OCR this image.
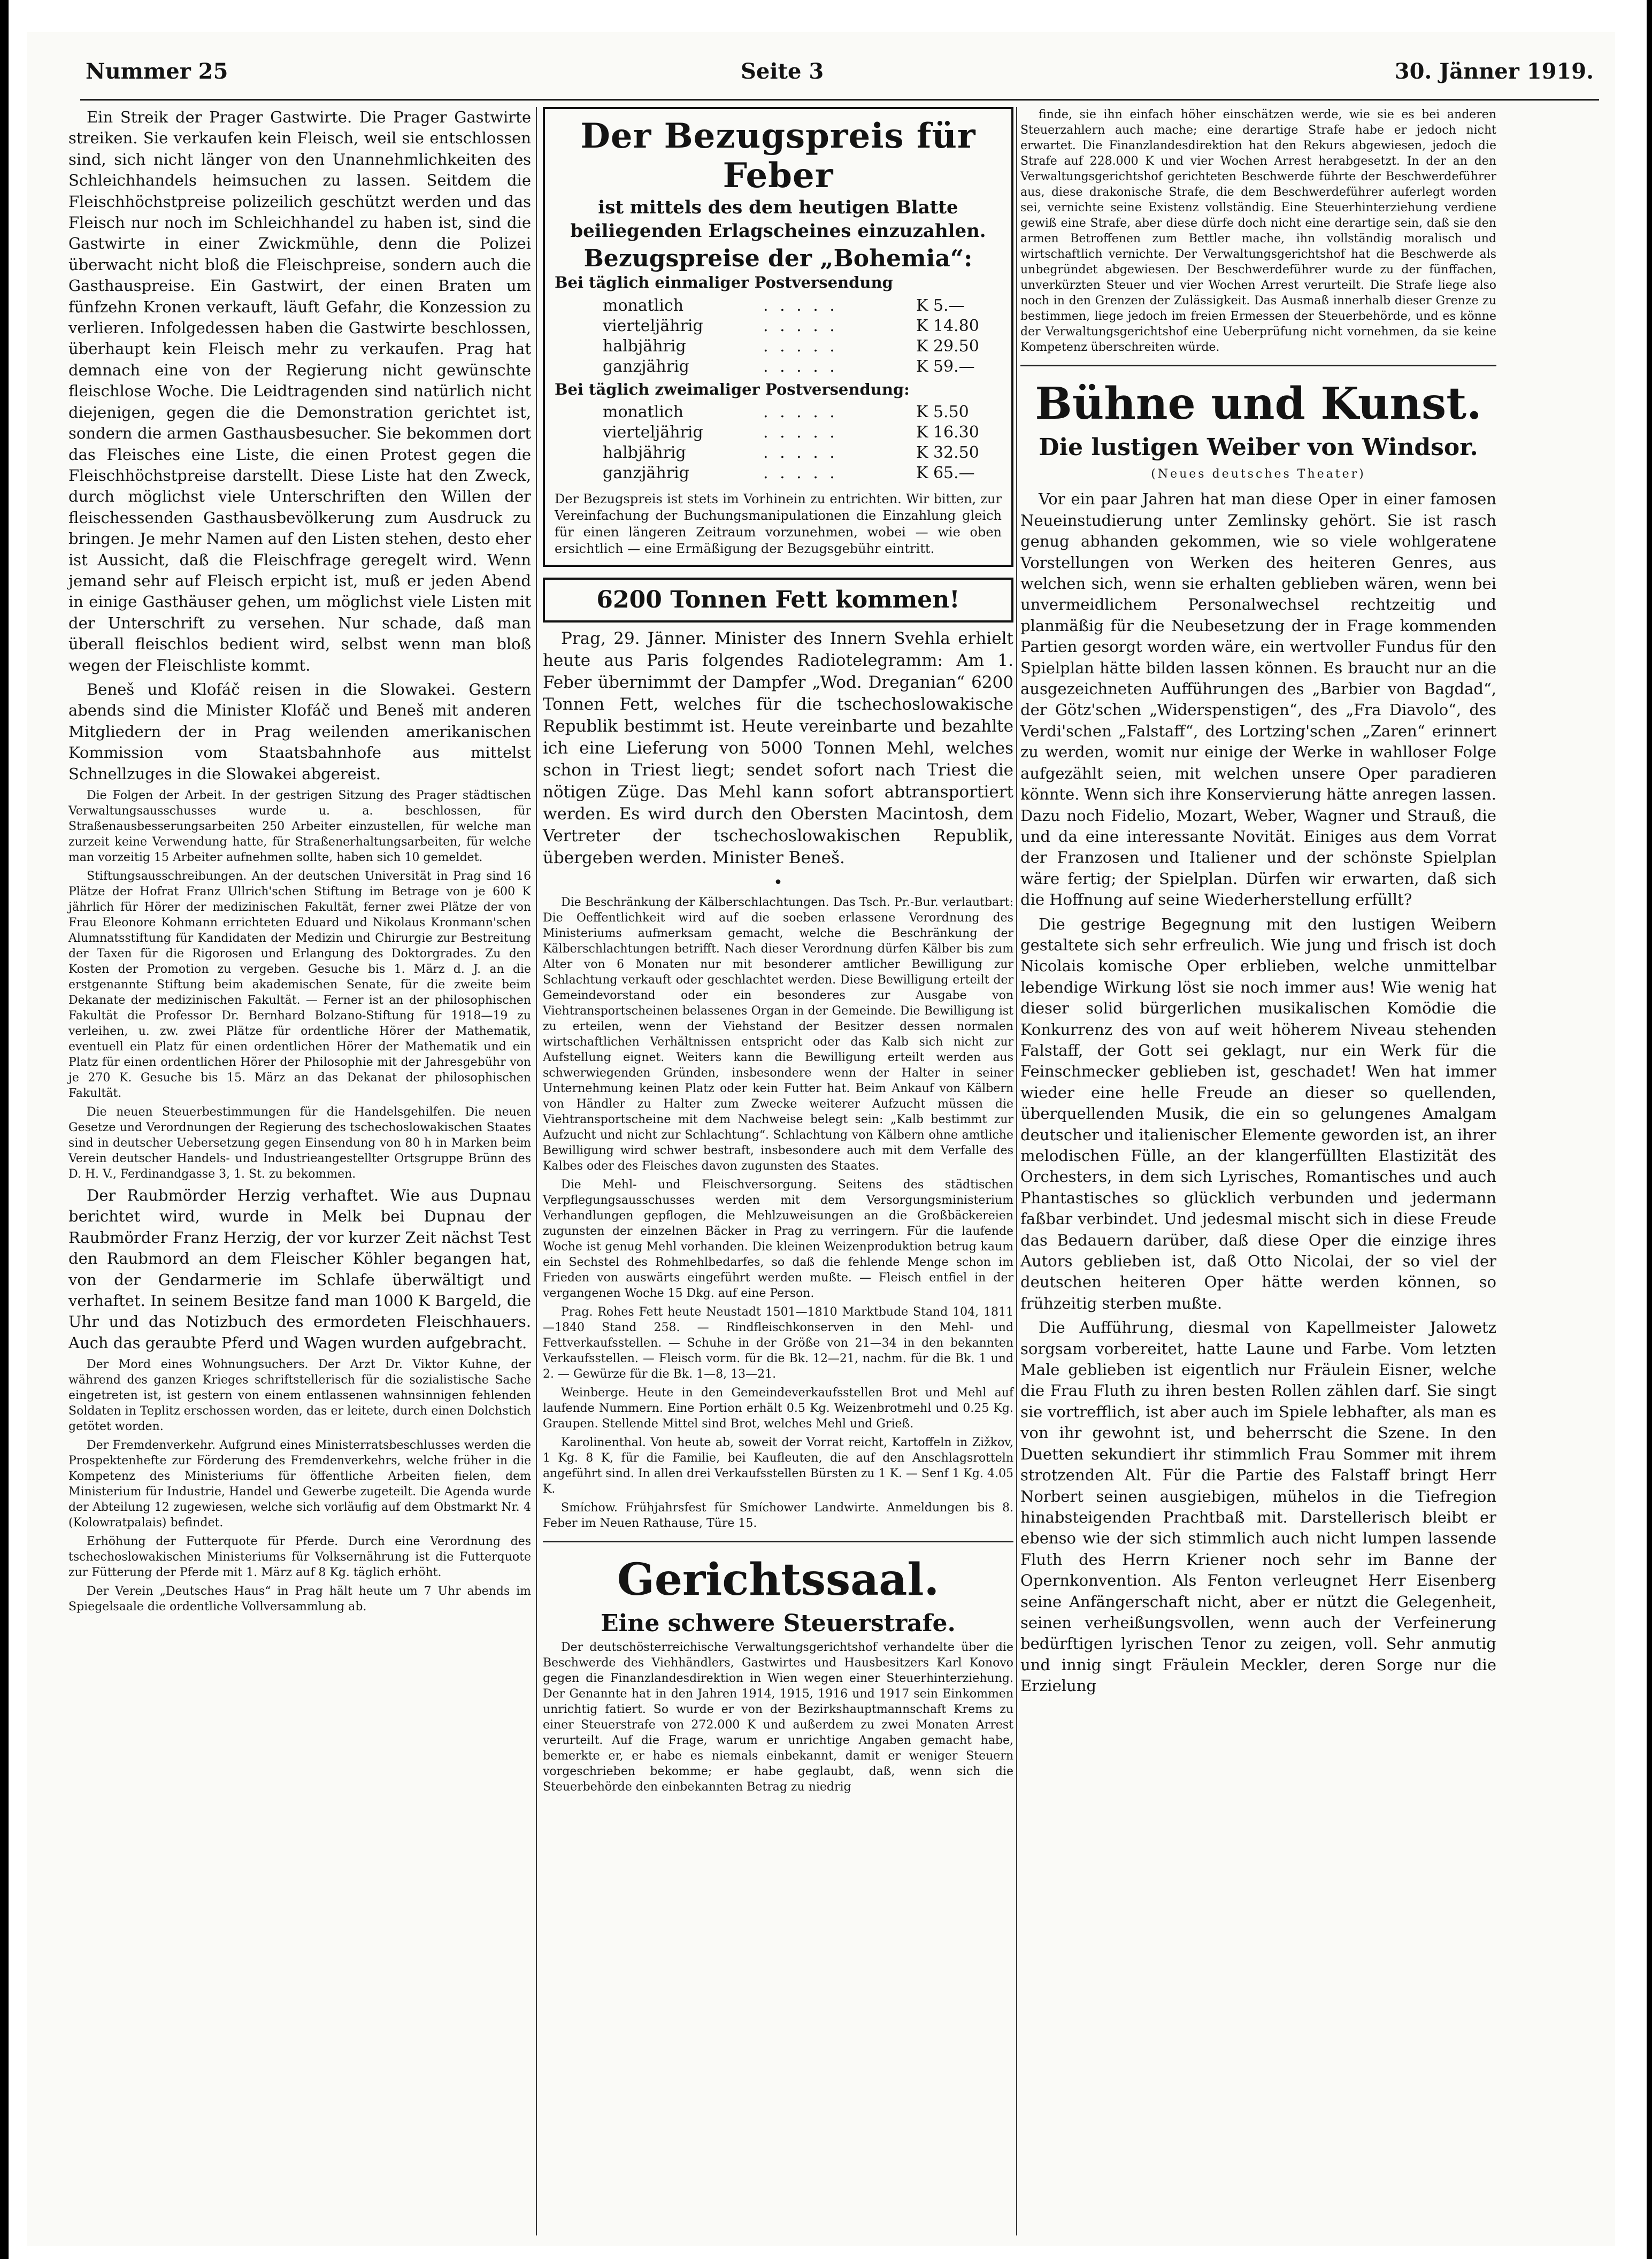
Nummer 25	Seite 3	30. Jänner 1919.

Ein Streik der Prager Gastwirte. Die Prager Gastwirte streiken. Sie verkaufen kein Fleisch, weil sie entschlossen sind, sich nicht länger von den Unannehmlichkeiten des Schleichhandels heimsuchen zu lassen. Seitdem die Fleischhöchstpreise polizeilich geschützt werden und das Fleisch nur noch im Schleichhandel zu haben ist, sind die Gastwirte in einer Zwickmühle, denn die Polizei überwacht nicht bloß die Fleischpreise, sondern auch die Gasthauspreise. Ein Gastwirt, der einen Braten um fünfzehn Kronen verkauft, läuft Gefahr, die Konzession zu verlieren. Infolgedessen haben die Gastwirte beschlossen, überhaupt kein Fleisch mehr zu verkaufen. Prag hat demnach eine von der Regierung nicht gewünschte fleischlose Woche. Die Leidtragenden sind natürlich nicht diejenigen, gegen die die Demonstration gerichtet ist, sondern die armen Gasthausbesucher. Sie bekommen dort das Fleisches eine Liste, die einen Protest gegen die Fleischhöchstpreise darstellt. Diese Liste hat den Zweck, durch möglichst viele Unterschriften den Willen der fleischessenden Gasthausbevölkerung zum Ausdruck zu bringen. Je mehr Namen auf den Listen stehen, desto eher ist Aussicht, daß die Fleischfrage geregelt wird. Wenn jemand sehr auf Fleisch erpicht ist, muß er jeden Abend in einige Gasthäuser gehen, um möglichst viele Listen mit der Unterschrift zu versehen. Nur schade, daß man überall fleischlos bedient wird, selbst wenn man bloß wegen der Fleischliste kommt.

Beneš und Klofáč reisen in die Slowakei. Gestern abends sind die Minister Klofáč und Beneš mit anderen Mitgliedern der in Prag weilenden amerikanischen Kommission vom Staatsbahnhofe aus mittelst Schnellzuges in die Slowakei abgereist.

Die Folgen der Arbeit. In der gestrigen Sitzung des Prager städtischen Verwaltungsausschusses wurde u. a. beschlossen, für Straßenausbesserungsarbeiten 250 Arbeiter einzustellen, für welche man zurzeit keine Verwendung hatte, für Straßenerhaltungsarbeiten, für welche man vorzeitig 15 Arbeiter aufnehmen sollte, haben sich 10 gemeldet.

Stiftungsausschreibungen. An der deutschen Universität in Prag sind 16 Plätze der Hofrat Franz Ullrich'schen Stiftung im Betrage von je 600 K jährlich für Hörer der medizinischen Fakultät, ferner zwei Plätze der von Frau Eleonore Kohmann errichteten Eduard und Nikolaus Kronmann'schen Alumnatsstiftung für Kandidaten der Medizin und Chirurgie zur Bestreitung der Taxen für die Rigorosen und Erlangung des Doktorgrades. Zu den Kosten der Promotion zu vergeben. Gesuche bis 1. März d. J. an die erstgenannte Stiftung beim akademischen Senate, für die zweite beim Dekanate der medizinischen Fakultät. — Ferner ist an der philosophischen Fakultät die Professor Dr. Bernhard Bolzano-Stiftung für 1918—19 zu verleihen, u. zw. zwei Plätze für ordentliche Hörer der Mathematik, eventuell ein Platz für einen ordentlichen Hörer der Mathematik und ein Platz für einen ordentlichen Hörer der Philosophie mit der Jahresgebühr von je 270 K. Gesuche bis 15. März an das Dekanat der philosophischen Fakultät.

Die neuen Steuerbestimmungen für die Handelsgehilfen. Die neuen Gesetze und Verordnungen der Regierung des tschechoslowakischen Staates sind in deutscher Uebersetzung gegen Einsendung von 80 h in Marken beim Verein deutscher Handels- und Industrieangestellter Ortsgruppe Brünn des D. H. V., Ferdinandgasse 3, 1. St. zu bekommen.

Der Raubmörder Herzig verhaftet. Wie aus Dupnau berichtet wird, wurde in Melk bei Dupnau der Raubmörder Franz Herzig, der vor kurzer Zeit nächst Test den Raubmord an dem Fleischer Köhler begangen hat, von der Gendarmerie im Schlafe überwältigt und verhaftet. In seinem Besitze fand man 1000 K Bargeld, die Uhr und das Notizbuch des ermordeten Fleischhauers. Auch das geraubte Pferd und Wagen wurden aufgebracht.

Der Mord eines Wohnungsuchers. Der Arzt Dr. Viktor Kuhne, der während des ganzen Krieges schriftstellerisch für die sozialistische Sache eingetreten ist, ist gestern von einem entlassenen wahnsinnigen fehlenden Soldaten in Teplitz erschossen worden, das er leitete, durch einen Dolchstich getötet worden.

Der Fremdenverkehr. Aufgrund eines Ministerratsbeschlusses werden die Prospektenhefte zur Förderung des Fremdenverkehrs, welche früher in die Kompetenz des Ministeriums für öffentliche Arbeiten fielen, dem Ministerium für Industrie, Handel und Gewerbe zugeteilt. Die Agenda wurde der Abteilung 12 zugewiesen, welche sich vorläufig auf dem Obstmarkt Nr. 4 (Kolowratpalais) befindet.

Erhöhung der Futterquote für Pferde. Durch eine Verordnung des tschechoslowakischen Ministeriums für Volksernährung ist die Futterquote zur Fütterung der Pferde mit 1. März auf 8 Kg. täglich erhöht.

Der Verein „Deutsches Haus“ in Prag hält heute um 7 Uhr abends im Spiegelsaale die ordentliche Vollversammlung ab.

Der Bezugspreis für Feber
ist mittels des dem heutigen Blatte beiliegenden Erlagscheines einzuzahlen.
Bezugspreise der „Bohemia“:
Bei täglich einmaliger Postversendung
monatlich	. . . . .	K 5.—
vierteljährig	. . . . .	K 14.80
halbjährig	. . . . .	K 29.50
ganzjährig	. . . . .	K 59.—
Bei täglich zweimaliger Postversendung:
monatlich	. . . . .	K 5.50
vierteljährig	. . . . .	K 16.30
halbjährig	. . . . .	K 32.50
ganzjährig	. . . . .	K 65.—
Der Bezugspreis ist stets im Vorhinein zu entrichten. Wir bitten, zur Vereinfachung der Buchungsmanipulationen die Einzahlung gleich für einen längeren Zeitraum vorzunehmen, wobei — wie oben ersichtlich — eine Ermäßigung der Bezugsgebühr eintritt.
6200 Tonnen Fett kommen!

Prag, 29. Jänner. Minister des Innern Svehla erhielt heute aus Paris folgendes Radiotelegramm: Am 1. Feber übernimmt der Dampfer „Wod. Dreganian“ 6200 Tonnen Fett, welches für die tschechoslowakische Republik bestimmt ist. Heute vereinbarte und bezahlte ich eine Lieferung von 5000 Tonnen Mehl, welches schon in Triest liegt; sendet sofort nach Triest die nötigen Züge. Das Mehl kann sofort abtransportiert werden. Es wird durch den Obersten Macintosh, dem Vertreter der tschechoslowakischen Republik, übergeben werden. Minister Beneš.

•

Die Beschränkung der Kälberschlachtungen. Das Tsch. Pr.-Bur. verlautbart: Die Oeffentlichkeit wird auf die soeben erlassene Verordnung des Ministeriums aufmerksam gemacht, welche die Beschränkung der Kälberschlachtungen betrifft. Nach dieser Verordnung dürfen Kälber bis zum Alter von 6 Monaten nur mit besonderer amtlicher Bewilligung zur Schlachtung verkauft oder geschlachtet werden. Diese Bewilligung erteilt der Gemeindevorstand oder ein besonderes zur Ausgabe von Viehtransportscheinen belassenes Organ in der Gemeinde. Die Bewilligung ist zu erteilen, wenn der Viehstand der Besitzer dessen normalen wirtschaftlichen Verhältnissen entspricht oder das Kalb sich nicht zur Aufstellung eignet. Weiters kann die Bewilligung erteilt werden aus schwerwiegenden Gründen, insbesondere wenn der Halter in seiner Unternehmung keinen Platz oder kein Futter hat. Beim Ankauf von Kälbern von Händler zu Halter zum Zwecke weiterer Aufzucht müssen die Viehtransportscheine mit dem Nachweise belegt sein: „Kalb bestimmt zur Aufzucht und nicht zur Schlachtung“. Schlachtung von Kälbern ohne amtliche Bewilligung wird schwer bestraft, insbesondere auch mit dem Verfalle des Kalbes oder des Fleisches davon zugunsten des Staates.

Die Mehl- und Fleischversorgung. Seitens des städtischen Verpflegungsausschusses werden mit dem Versorgungsministerium Verhandlungen gepflogen, die Mehlzuweisungen an die Großbäckereien zugunsten der einzelnen Bäcker in Prag zu verringern. Für die laufende Woche ist genug Mehl vorhanden. Die kleinen Weizenproduktion betrug kaum ein Sechstel des Rohmehlbedarfes, so daß die fehlende Menge schon im Frieden von auswärts eingeführt werden mußte. — Fleisch entfiel in der vergangenen Woche 15 Dkg. auf eine Person.

Prag. Rohes Fett heute Neustadt 1501—1810 Marktbude Stand 104, 1811—1840 Stand 258. — Rindfleischkonserven in den Mehl- und Fettverkaufsstellen. — Schuhe in der Größe von 21—34 in den bekannten Verkaufsstellen. — Fleisch vorm. für die Bk. 12—21, nachm. für die Bk. 1 und 2. — Gewürze für die Bk. 1—8, 13—21.

Weinberge. Heute in den Gemeindeverkaufsstellen Brot und Mehl auf laufende Nummern. Eine Portion erhält 0.5 Kg. Weizenbrotmehl und 0.25 Kg. Graupen. Stellende Mittel sind Brot, welches Mehl und Grieß.

Karolinenthal. Von heute ab, soweit der Vorrat reicht, Kartoffeln in Zižkov, 1 Kg. 8 K, für die Familie, bei Kaufleuten, die auf den Anschlagsrotteln angeführt sind. In allen drei Verkaufsstellen Bürsten zu 1 K. — Senf 1 Kg. 4.05 K.

Smíchow. Frühjahrsfest für Smíchower Landwirte. Anmeldungen bis 8. Feber im Neuen Rathause, Türe 15.

Gerichtssaal.
Eine schwere Steuerstrafe.

Der deutschösterreichische Verwaltungsgerichtshof verhandelte über die Beschwerde des Viehhändlers, Gastwirtes und Hausbesitzers Karl Konovo gegen die Finanzlandesdirektion in Wien wegen einer Steuerhinterziehung. Der Genannte hat in den Jahren 1914, 1915, 1916 und 1917 sein Einkommen unrichtig fatiert. So wurde er von der Bezirkshauptmannschaft Krems zu einer Steuerstrafe von 272.000 K und außerdem zu zwei Monaten Arrest verurteilt. Auf die Frage, warum er unrichtige Angaben gemacht habe, bemerkte er, er habe es niemals einbekannt, damit er weniger Steuern vorgeschrieben bekomme; er habe geglaubt, daß, wenn sich die Steuerbehörde den einbekannten Betrag zu niedrig

finde, sie ihn einfach höher einschätzen werde, wie sie es bei anderen Steuerzahlern auch mache; eine derartige Strafe habe er jedoch nicht erwartet. Die Finanzlandesdirektion hat den Rekurs abgewiesen, jedoch die Strafe auf 228.000 K und vier Wochen Arrest herabgesetzt. In der an den Verwaltungsgerichtshof gerichteten Beschwerde führte der Beschwerdeführer aus, diese drakonische Strafe, die dem Beschwerdeführer auferlegt worden sei, vernichte seine Existenz vollständig. Eine Steuerhinterziehung verdiene gewiß eine Strafe, aber diese dürfe doch nicht eine derartige sein, daß sie den armen Betroffenen zum Bettler mache, ihn vollständig moralisch und wirtschaftlich vernichte. Der Verwaltungsgerichtshof hat die Beschwerde als unbegründet abgewiesen. Der Beschwerdeführer wurde zu der fünffachen, unverkürzten Steuer und vier Wochen Arrest verurteilt. Die Strafe liege also noch in den Grenzen der Zulässigkeit. Das Ausmaß innerhalb dieser Grenze zu bestimmen, liege jedoch im freien Ermessen der Steuerbehörde, und es könne der Verwaltungsgerichtshof eine Ueberprüfung nicht vornehmen, da sie keine Kompetenz überschreiten würde.

Bühne und Kunst.
Die lustigen Weiber von Windsor.
(Neues deutsches Theater)

Vor ein paar Jahren hat man diese Oper in einer famosen Neueinstudierung unter Zemlinsky gehört. Sie ist rasch genug abhanden gekommen, wie so viele wohlgeratene Vorstellungen von Werken des heiteren Genres, aus welchen sich, wenn sie erhalten geblieben wären, wenn bei unvermeidlichem Personalwechsel rechtzeitig und planmäßig für die Neubesetzung der in Frage kommenden Partien gesorgt worden wäre, ein wertvoller Fundus für den Spielplan hätte bilden lassen können. Es braucht nur an die ausgezeichneten Aufführungen des „Barbier von Bagdad“, der Götz'schen „Widerspenstigen“, des „Fra Diavolo“, des Verdi'schen „Falstaff“, des Lortzing'schen „Zaren“ erinnert zu werden, womit nur einige der Werke in wahlloser Folge aufgezählt seien, mit welchen unsere Oper paradieren könnte. Wenn sich ihre Konservierung hätte anregen lassen. Dazu noch Fidelio, Mozart, Weber, Wagner und Strauß, die und da eine interessante Novität. Einiges aus dem Vorrat der Franzosen und Italiener und der schönste Spielplan wäre fertig; der Spielplan. Dürfen wir erwarten, daß sich die Hoffnung auf seine Wiederherstellung erfüllt?

Die gestrige Begegnung mit den lustigen Weibern gestaltete sich sehr erfreulich. Wie jung und frisch ist doch Nicolais komische Oper erblieben, welche unmittelbar lebendige Wirkung löst sie noch immer aus! Wie wenig hat dieser solid bürgerlichen musikalischen Komödie die Konkurrenz des von auf weit höherem Niveau stehenden Falstaff, der Gott sei geklagt, nur ein Werk für die Feinschmecker geblieben ist, geschadet! Wen hat immer wieder eine helle Freude an dieser so quellenden, überquellenden Musik, die ein so gelungenes Amalgam deutscher und italienischer Elemente geworden ist, an ihrer melodischen Fülle, an der klangerfüllten Elastizität des Orchesters, in dem sich Lyrisches, Romantisches und auch Phantastisches so glücklich verbunden und jedermann faßbar verbindet. Und jedesmal mischt sich in diese Freude das Bedauern darüber, daß diese Oper die einzige ihres Autors geblieben ist, daß Otto Nicolai, der so viel der deutschen heiteren Oper hätte werden können, so frühzeitig sterben mußte.

Die Aufführung, diesmal von Kapellmeister Jalowetz sorgsam vorbereitet, hatte Laune und Farbe. Vom letzten Male geblieben ist eigentlich nur Fräulein Eisner, welche die Frau Fluth zu ihren besten Rollen zählen darf. Sie singt sie vortrefflich, ist aber auch im Spiele lebhafter, als man es von ihr gewohnt ist, und beherrscht die Szene. In den Duetten sekundiert ihr stimmlich Frau Sommer mit ihrem strotzenden Alt. Für die Partie des Falstaff bringt Herr Norbert seinen ausgiebigen, mühelos in die Tiefregion hinabsteigenden Prachtbaß mit. Darstellerisch bleibt er ebenso wie der sich stimmlich auch nicht lumpen lassende Fluth des Herrn Kriener noch sehr im Banne der Opernkonvention. Als Fenton verleugnet Herr Eisenberg seine Anfängerschaft nicht, aber er nützt die Gelegenheit, seinen verheißungsvollen, wenn auch der Verfeinerung bedürftigen lyrischen Tenor zu zeigen, voll. Sehr anmutig und innig singt Fräulein Meckler, deren Sorge nur die Erzielung
